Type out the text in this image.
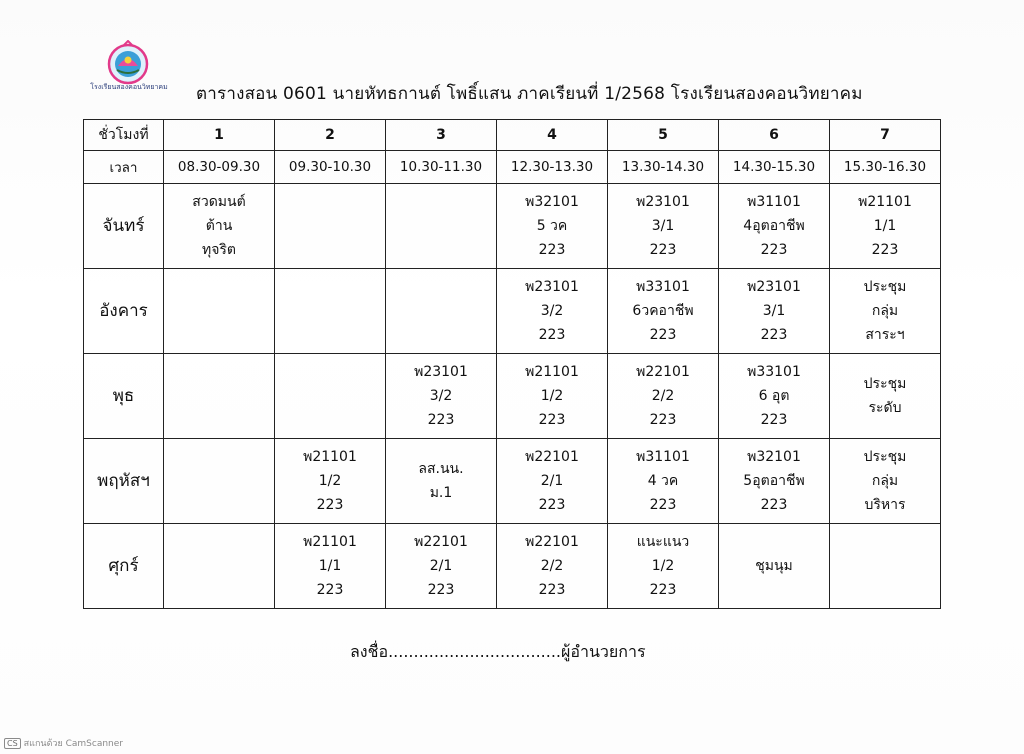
โรงเรียนสองคอนวิทยาคม	ตารางสอน 0601 นายหัทธกานต์ โพธิ์แสน ภาคเรียนที่ 1/2568 โรงเรียนสองคอนวิทยาคม
ชั่วโมงที่	1	2	3	4	5	6	7
เวลา	08.30-09.30	09.30-10.30	10.30-11.30	12.30-13.30	13.30-14.30	14.30-15.30	15.30-16.30
จันทร์	สวดมนต์
ต้าน
ทุจริต			พ32101
5 วค
223	พ23101
3/1
223	พ31101
4อุตอาชีพ
223	พ21101
1/1
223

อังคาร				พ23101
3/2
223	พ33101
6วคอาชีพ
223	พ23101
3/1
223	ประชุม
กลุ่ม
สาระฯ

พุธ			พ23101
3/2
223	พ21101
1/2
223	พ22101
2/2
223	พ33101
6 อุต
223	ประชุม
ระดับ

พฤหัสฯ		พ21101
1/2
223	ลส.นน.
ม.1	พ22101
2/1
223	พ31101
4 วค
223	พ32101
5อุตอาชีพ
223	ประชุม
กลุ่ม
บริหาร

ศุกร์		พ21101
1/1
223	พ22101
2/1
223	พ22101
2/2
223	แนะแนว
1/2
223	ชุมนุม	

ลงชื่อ..................................ผู้อำนวยการ
CS สแกนด้วย CamScanner
